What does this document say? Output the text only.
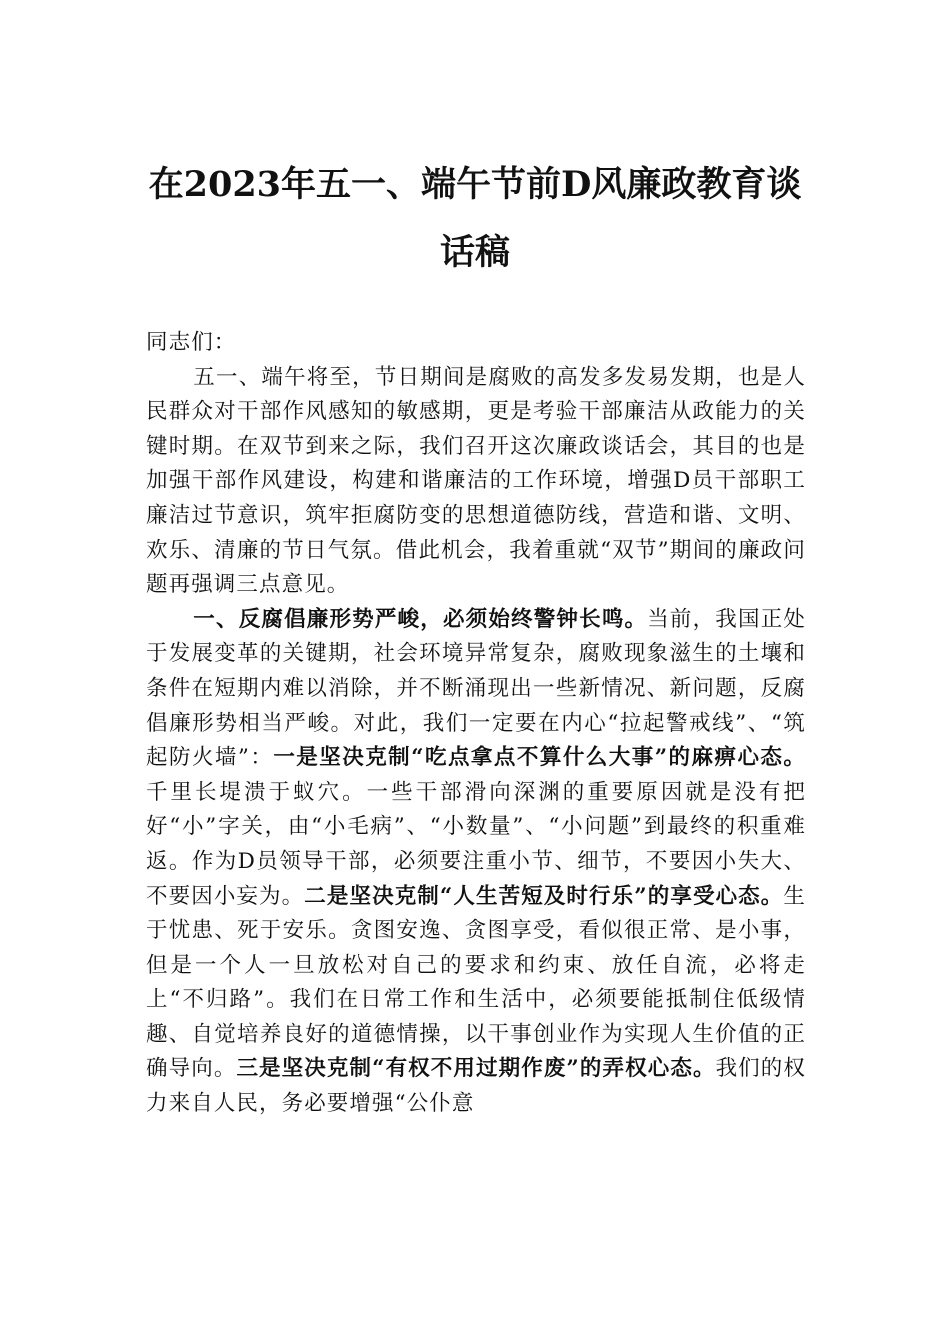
在2023年五一、端午节前D风廉政教育谈
话稿

同志们：

五一、端午将至，节日期间是腐败的高发多发易发期，也是人民群众对干部作风感知的敏感期，更是考验干部廉洁从政能力的关键时期。在双节到来之际，我们召开这次廉政谈话会，其目的也是加强干部作风建设，构建和谐廉洁的工作环境，增强D员干部职工廉洁过节意识，筑牢拒腐防变的思想道德防线，营造和谐、文明、欢乐、清廉的节日气氛。借此机会，我着重就“双节”期间的廉政问题再强调三点意见。

一、反腐倡廉形势严峻，必须始终警钟长鸣。当前，我国正处于发展变革的关键期，社会环境异常复杂，腐败现象滋生的土壤和条件在短期内难以消除，并不断涌现出一些新情况、新问题，反腐倡廉形势相当严峻。对此，我们一定要在内心“拉起警戒线”、“筑起防火墙”：一是坚决克制“吃点拿点不算什么大事”的麻痹心态。千里长堤溃于蚁穴。一些干部滑向深渊的重要原因就是没有把好“小”字关，由“小毛病”、“小数量”、“小问题”到最终的积重难返。作为D员领导干部，必须要注重小节、细节，不要因小失大、不要因小妄为。二是坚决克制“人生苦短及时行乐”的享受心态。生于忧患、死于安乐。贪图安逸、贪图享受，看似很正常、是小事，但是一个人一旦放松对自己的要求和约束、放任自流，必将走上“不归路”。我们在日常工作和生活中，必须要能抵制住低级情趣、自觉培养良好的道德情操，以干事创业作为实现人生价值的正确导向。三是坚决克制“有权不用过期作废”的弄权心态。我们的权力来自人民，务必要增强“公仆意
